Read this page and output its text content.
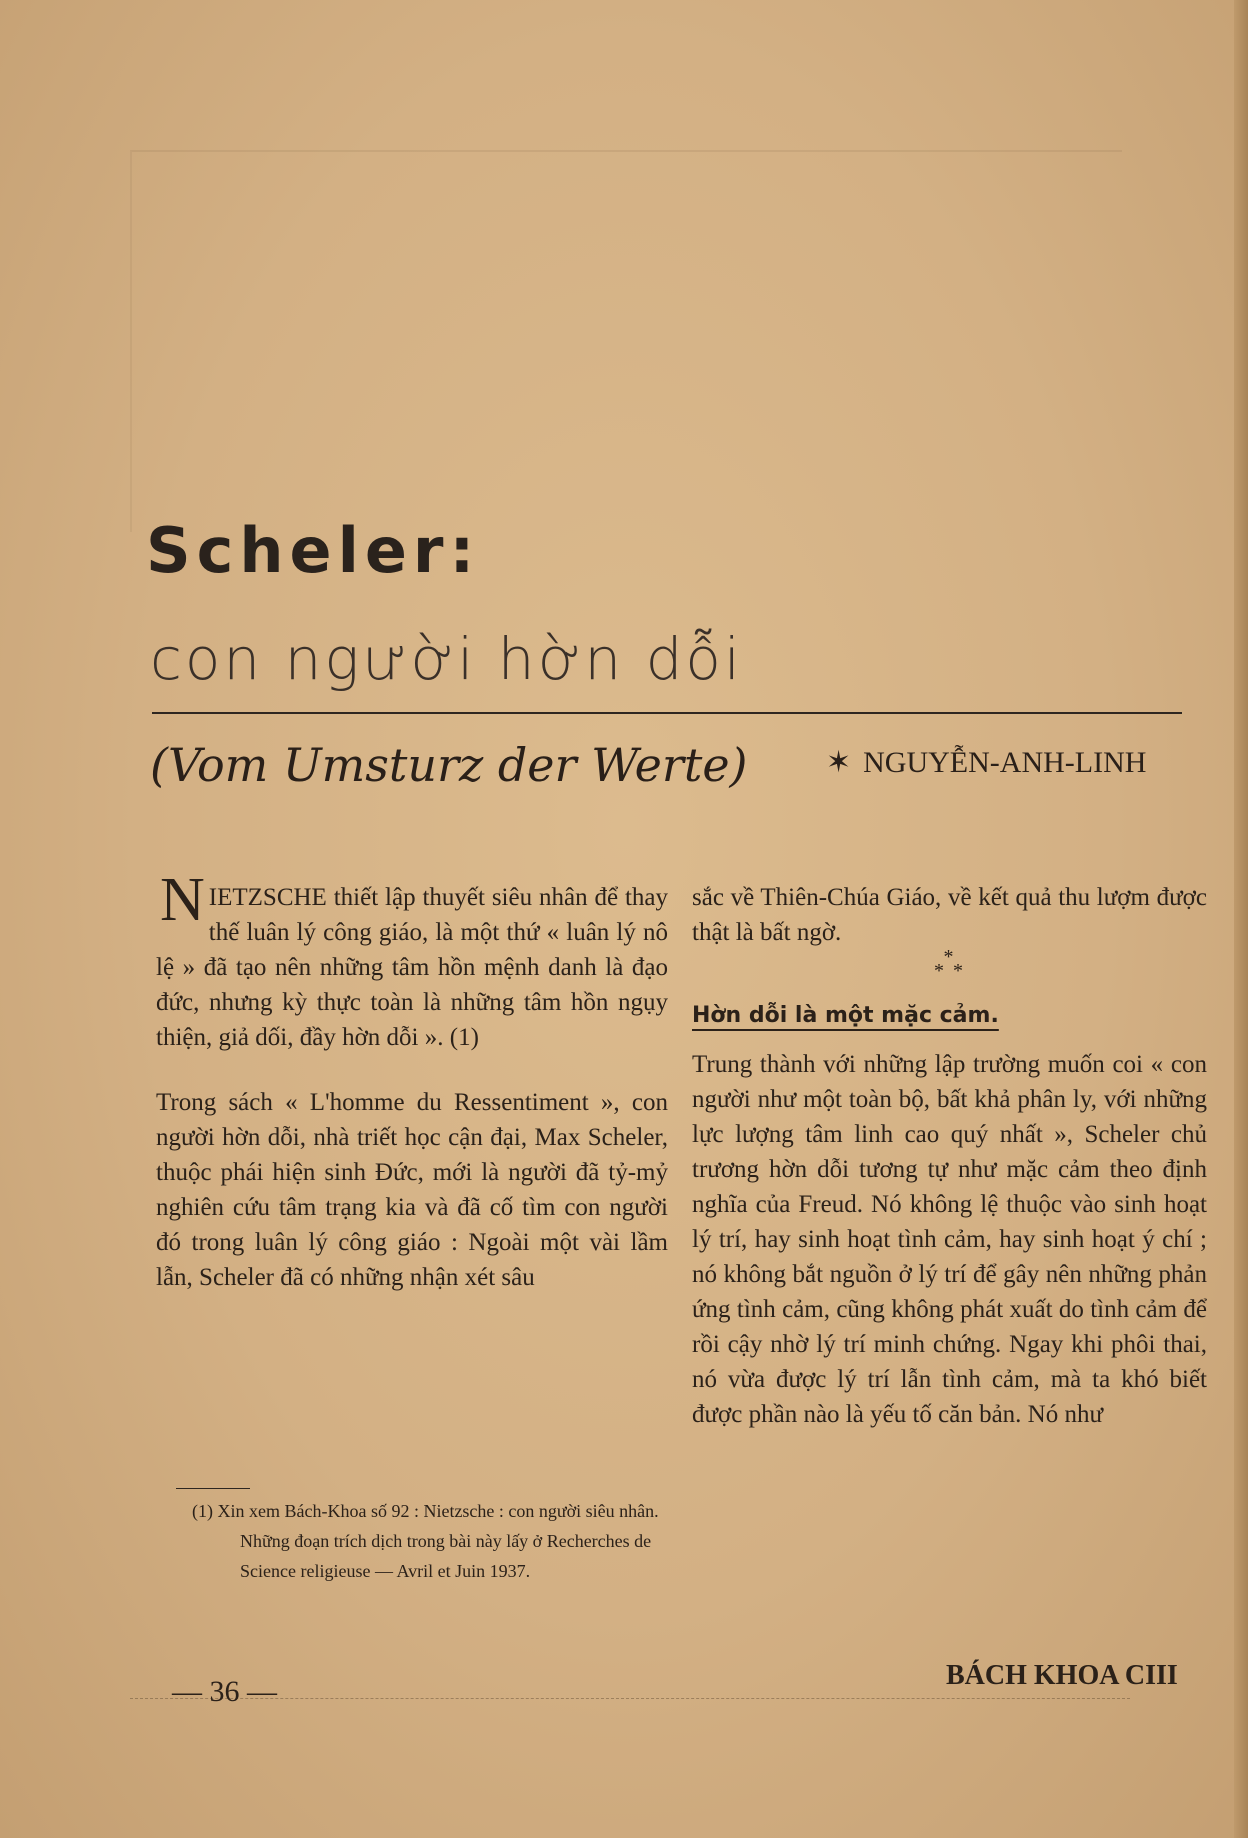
Scheler:
con người hờn dỗi
(Vom Umsturz der Werte)	✶ NGUYỄN-ANH-LINH

NIETZSCHE thiết lập thuyết siêu nhân để thay thế luân lý công giáo, là một thứ « luân lý nô lệ » đã tạo nên những tâm hồn mệnh danh là đạo đức, nhưng kỳ thực toàn là những tâm hồn ngụy thiện, giả dối, đầy hờn dỗi ». (1)

Trong sách « L'homme du Ressentiment », con người hờn dỗi, nhà triết học cận đại, Max Scheler, thuộc phái hiện sinh Đức, mới là người đã tỷ-mỷ nghiên cứu tâm trạng kia và đã cố tìm con người đó trong luân lý công giáo : Ngoài một vài lầm lẫn, Scheler đã có những nhận xét sâu

sắc về Thiên-Chúa Giáo, về kết quả thu lượm được thật là bất ngờ.

*
* *

Hờn dỗi là một mặc cảm.

Trung thành với những lập trường muốn coi « con người như một toàn bộ, bất khả phân ly, với những lực lượng tâm linh cao quý nhất », Scheler chủ trương hờn dỗi tương tự như mặc cảm theo định nghĩa của Freud. Nó không lệ thuộc vào sinh hoạt lý trí, hay sinh hoạt tình cảm, hay sinh hoạt ý chí ; nó không bắt nguồn ở lý trí để gây nên những phản ứng tình cảm, cũng không phát xuất do tình cảm để rồi cậy nhờ lý trí minh chứng. Ngay khi phôi thai, nó vừa được lý trí lẫn tình cảm, mà ta khó biết được phần nào là yếu tố căn bản. Nó như

(1) Xin xem Bách-Khoa số 92 : Nietzsche : con người siêu nhân.

Những đoạn trích dịch trong bài này lấy ở Recherches de Science religieuse — Avril et Juin 1937.

— 36 —	BÁCH KHOA CIII
